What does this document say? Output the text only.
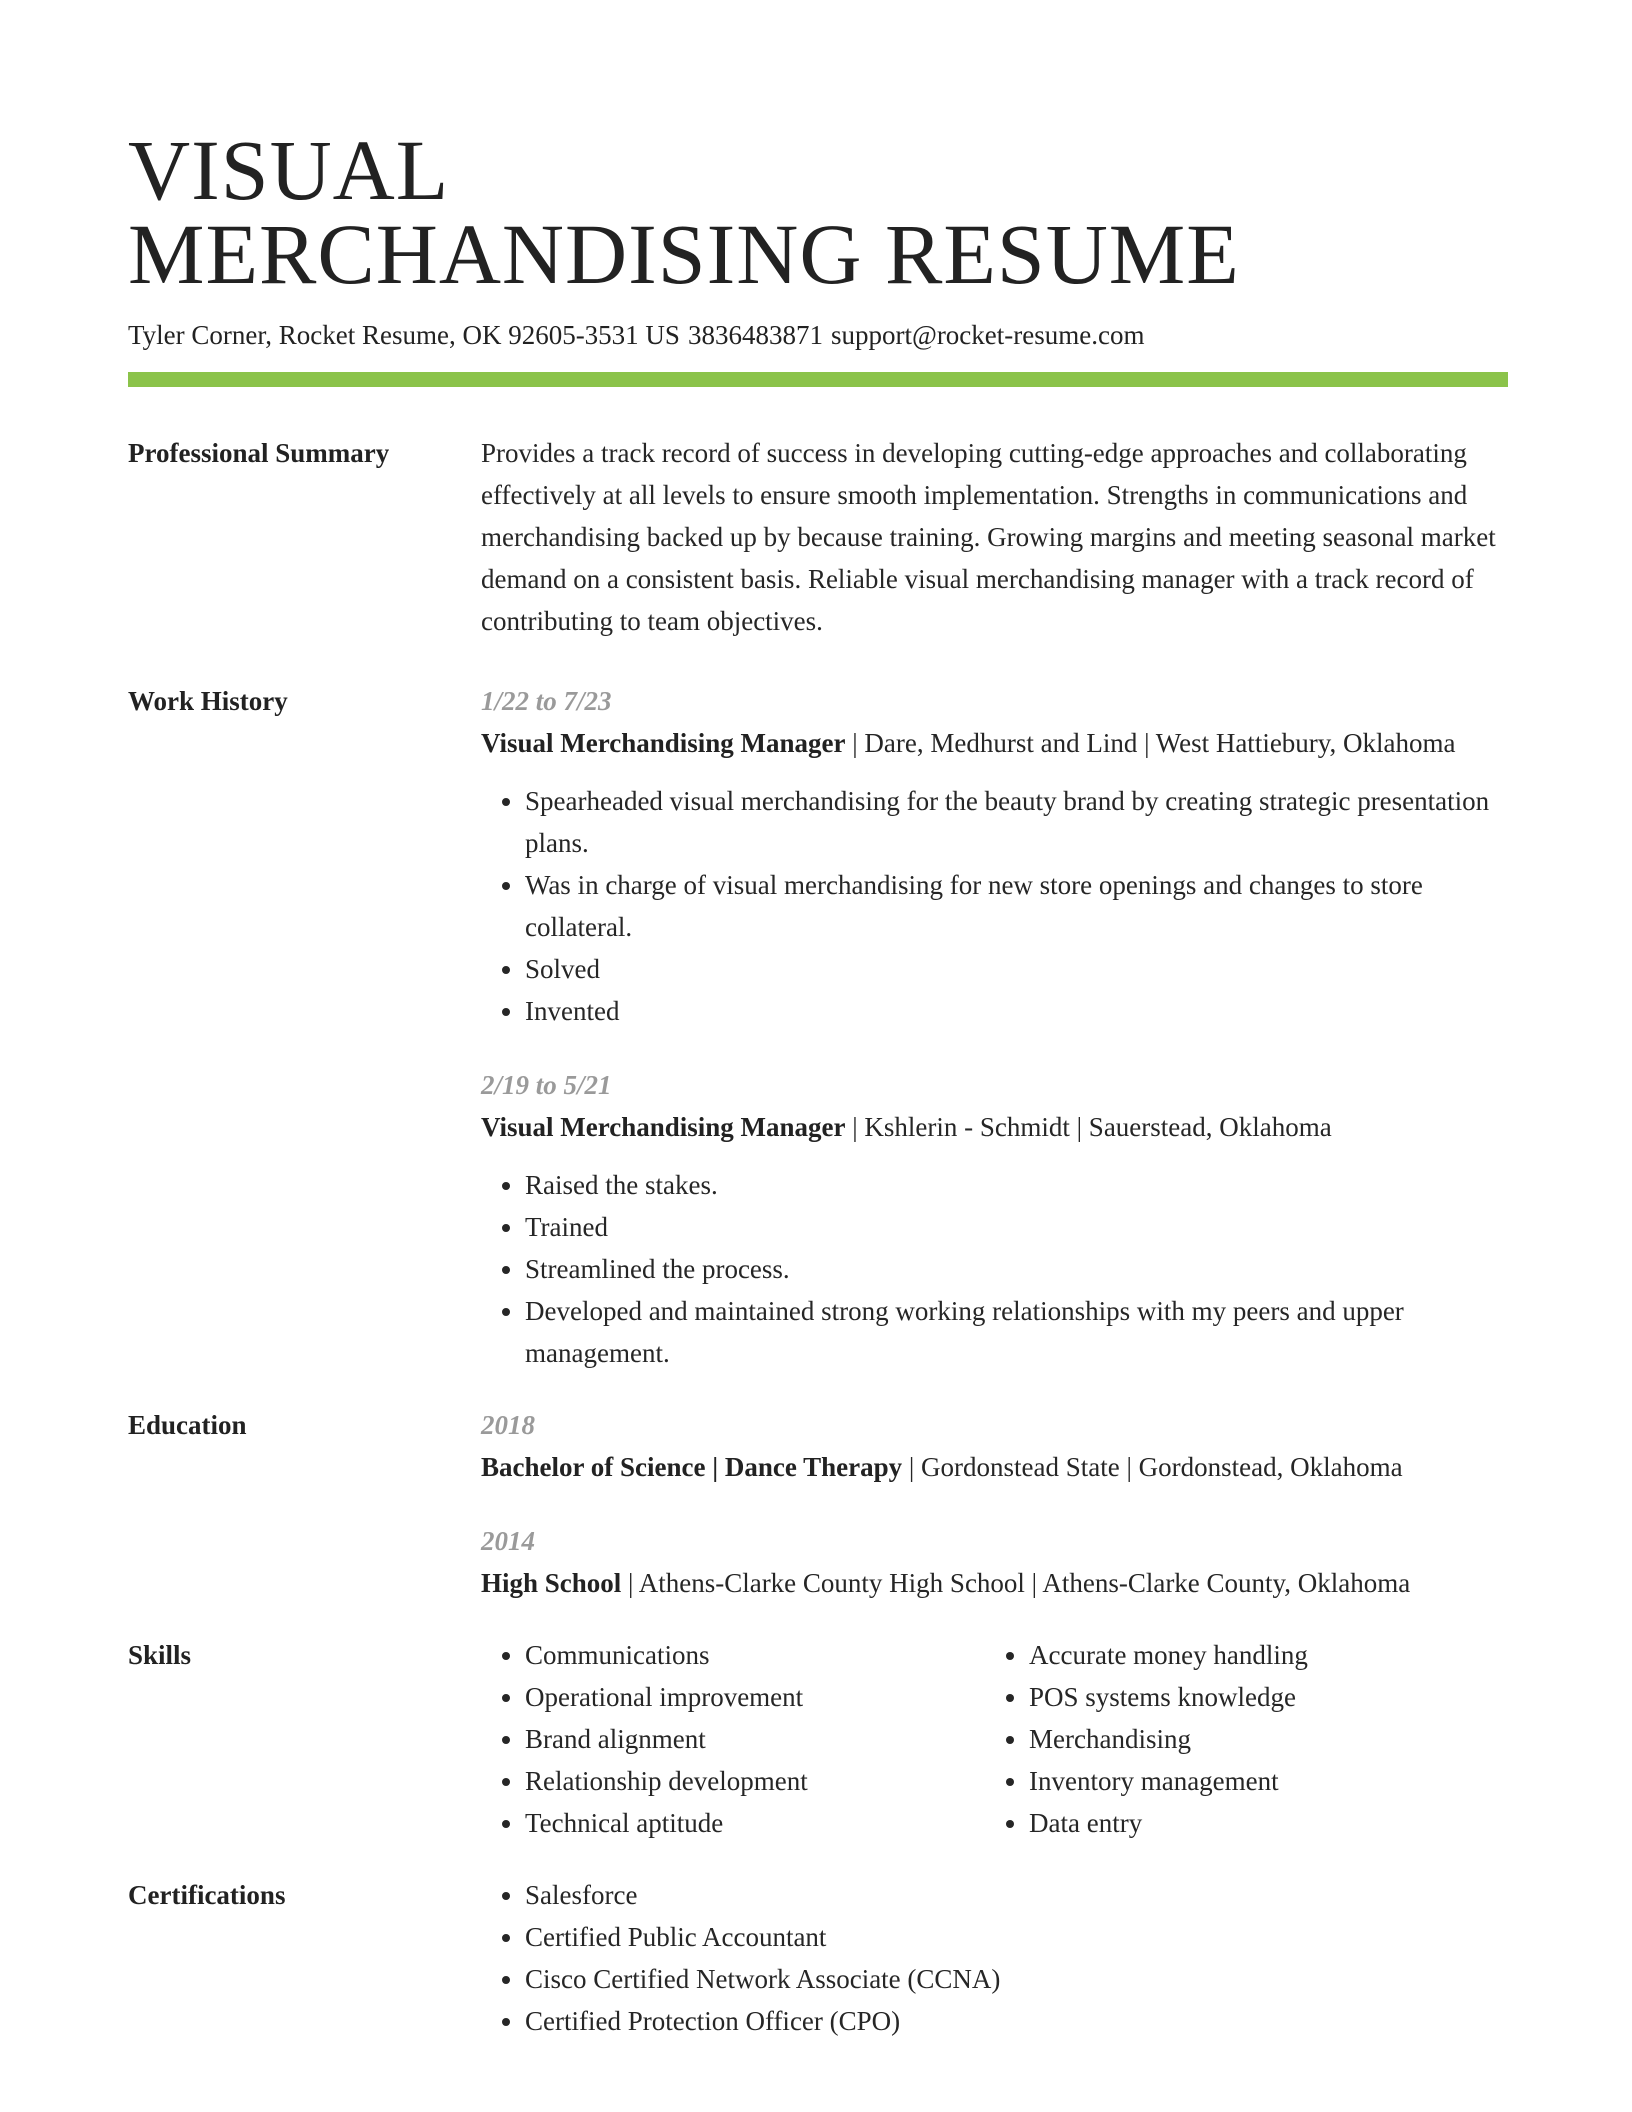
VISUAL
MERCHANDISING RESUME
Tyler Corner, Rocket Resume, OK 92605-3531 US 3836483871 support@rocket-resume.com
Professional Summary	Provides a track record of success in developing cutting-edge approaches and collaborating effectively at all levels to ensure smooth implementation. Strengths in communications and merchandising backed up by because training. Growing margins and meeting seasonal market demand on a consistent basis. Reliable visual merchandising manager with a track record of contributing to team objectives.
Work History	1/22 to 7/23
Visual Merchandising Manager | Dare, Medhurst and Lind | West Hattiebury, Oklahoma
• Spearheaded visual merchandising for the beauty brand by creating strategic presentation plans.
• Was in charge of visual merchandising for new store openings and changes to store collateral.
• Solved
• Invented
2/19 to 5/21
Visual Merchandising Manager | Kshlerin - Schmidt | Sauerstead, Oklahoma
• Raised the stakes.
• Trained
• Streamlined the process.
• Developed and maintained strong working relationships with my peers and upper management.
Education	2018
Bachelor of Science | Dance Therapy | Gordonstead State | Gordonstead, Oklahoma
2014
High School | Athens-Clarke County High School | Athens-Clarke County, Oklahoma
Skills	• Communications
• Operational improvement
• Brand alignment
• Relationship development
• Technical aptitude
• Accurate money handling
• POS systems knowledge
• Merchandising
• Inventory management
• Data entry
Certifications	• Salesforce
• Certified Public Accountant
• Cisco Certified Network Associate (CCNA)
• Certified Protection Officer (CPO)
